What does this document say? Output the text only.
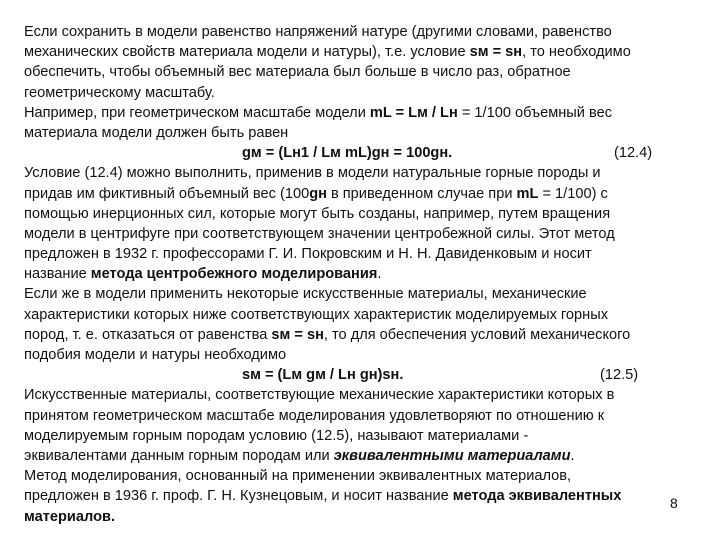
Если сохранить в модели равенство напряжений натуре (другими словами, равенство
механических свойств материала модели и натуры), т.е. условие sм = sн, то необходимо
обеспечить, чтобы объемный вес материала был больше в число раз, обратное
геометрическому масштабу.
Например, при геометрическом масштабе модели mL = Lм / Lн = 1/100 объемный вес
материала модели должен быть равен
gм = (Lн1 / Lм mL)gн = 100gн.	(12.4)
Условие (12.4) можно выполнить, применив в модели натуральные горные породы и
придав им фиктивный объемный вес (100gн в приведенном случае при mL = 1/100) с
помощью инерционных сил, которые могут быть созданы, например, путем вращения
модели в центрифуге при соответствующем значении центробежной силы. Этот метод
предложен в 1932 г. профессорами Г. И. Покровским и Н. Н. Давиденковым и носит
название метода центробежного моделирования.
Если же в модели применить некоторые искусственные материалы, механические
характеристики которых ниже соответствующих характеристик моделируемых горных
пород, т. е. отказаться от равенства sм = sн, то для обеспечения условий механического
подобия модели и натуры необходимо
sм = (Lм gм / Lн gн)sн.	(12.5)
Искусственные материалы, соответствующие механические характеристики которых в
принятом геометрическом масштабе моделирования удовлетворяют по отношению к
моделируемым горным породам условию (12.5), называют материалами -
эквивалентами данным горным породам или эквивалентными материалами.
Метод моделирования, основанный на применении эквивалентных материалов,
предложен в 1936 г. проф. Г. Н. Кузнецовым, и носит название метода эквивалентных
материалов.
8
